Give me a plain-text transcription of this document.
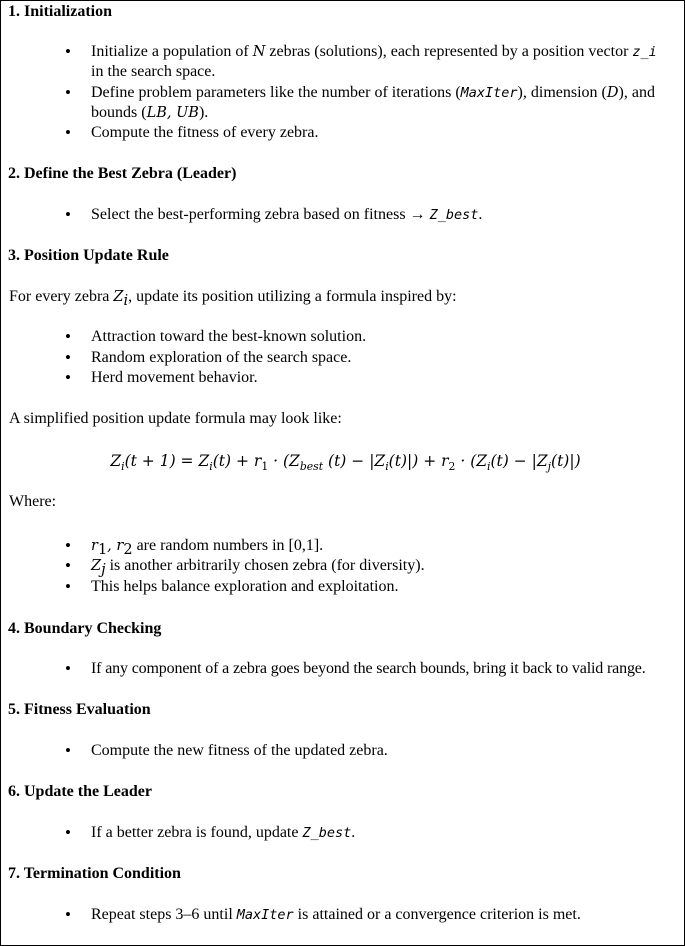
1. Initialization
•
Initialize a population of N zebras (solutions), each represented by a position vector z_i
in the search space.
•
Define problem parameters like the number of iterations (MaxIter), dimension (D), and
bounds (LB, UB).
•
Compute the fitness of every zebra.
2. Define the Best Zebra (Leader)
•
Select the best-performing zebra based on fitness → Z_best.
3. Position Update Rule
For every zebra $Z_i$, update its position utilizing a formula inspired by:
•
Attraction toward the best-known solution.
•
Random exploration of the search space.
•
Herd movement behavior.
A simplified position update formula may look like:
$Z_i(t + 1) = Z_i(t) + r_1 \cdot (Z_{best}$ $(t) - |Z_i(t)|) + r_2 \cdot (Z_i(t) - |Z_j(t)|)$
Where:
•
$r_1$, $r_2$ are random numbers in [0,1].
•
$Z_j$ is another arbitrarily chosen zebra (for diversity).
•
This helps balance exploration and exploitation.
4. Boundary Checking
•
If any component of a zebra goes beyond the search bounds, bring it back to valid range.
5. Fitness Evaluation
•
Compute the new fitness of the updated zebra.
6. Update the Leader
•
If a better zebra is found, update Z_best.
7. Termination Condition
•
Repeat steps 3–6 until MaxIter is attained or a convergence criterion is met.
